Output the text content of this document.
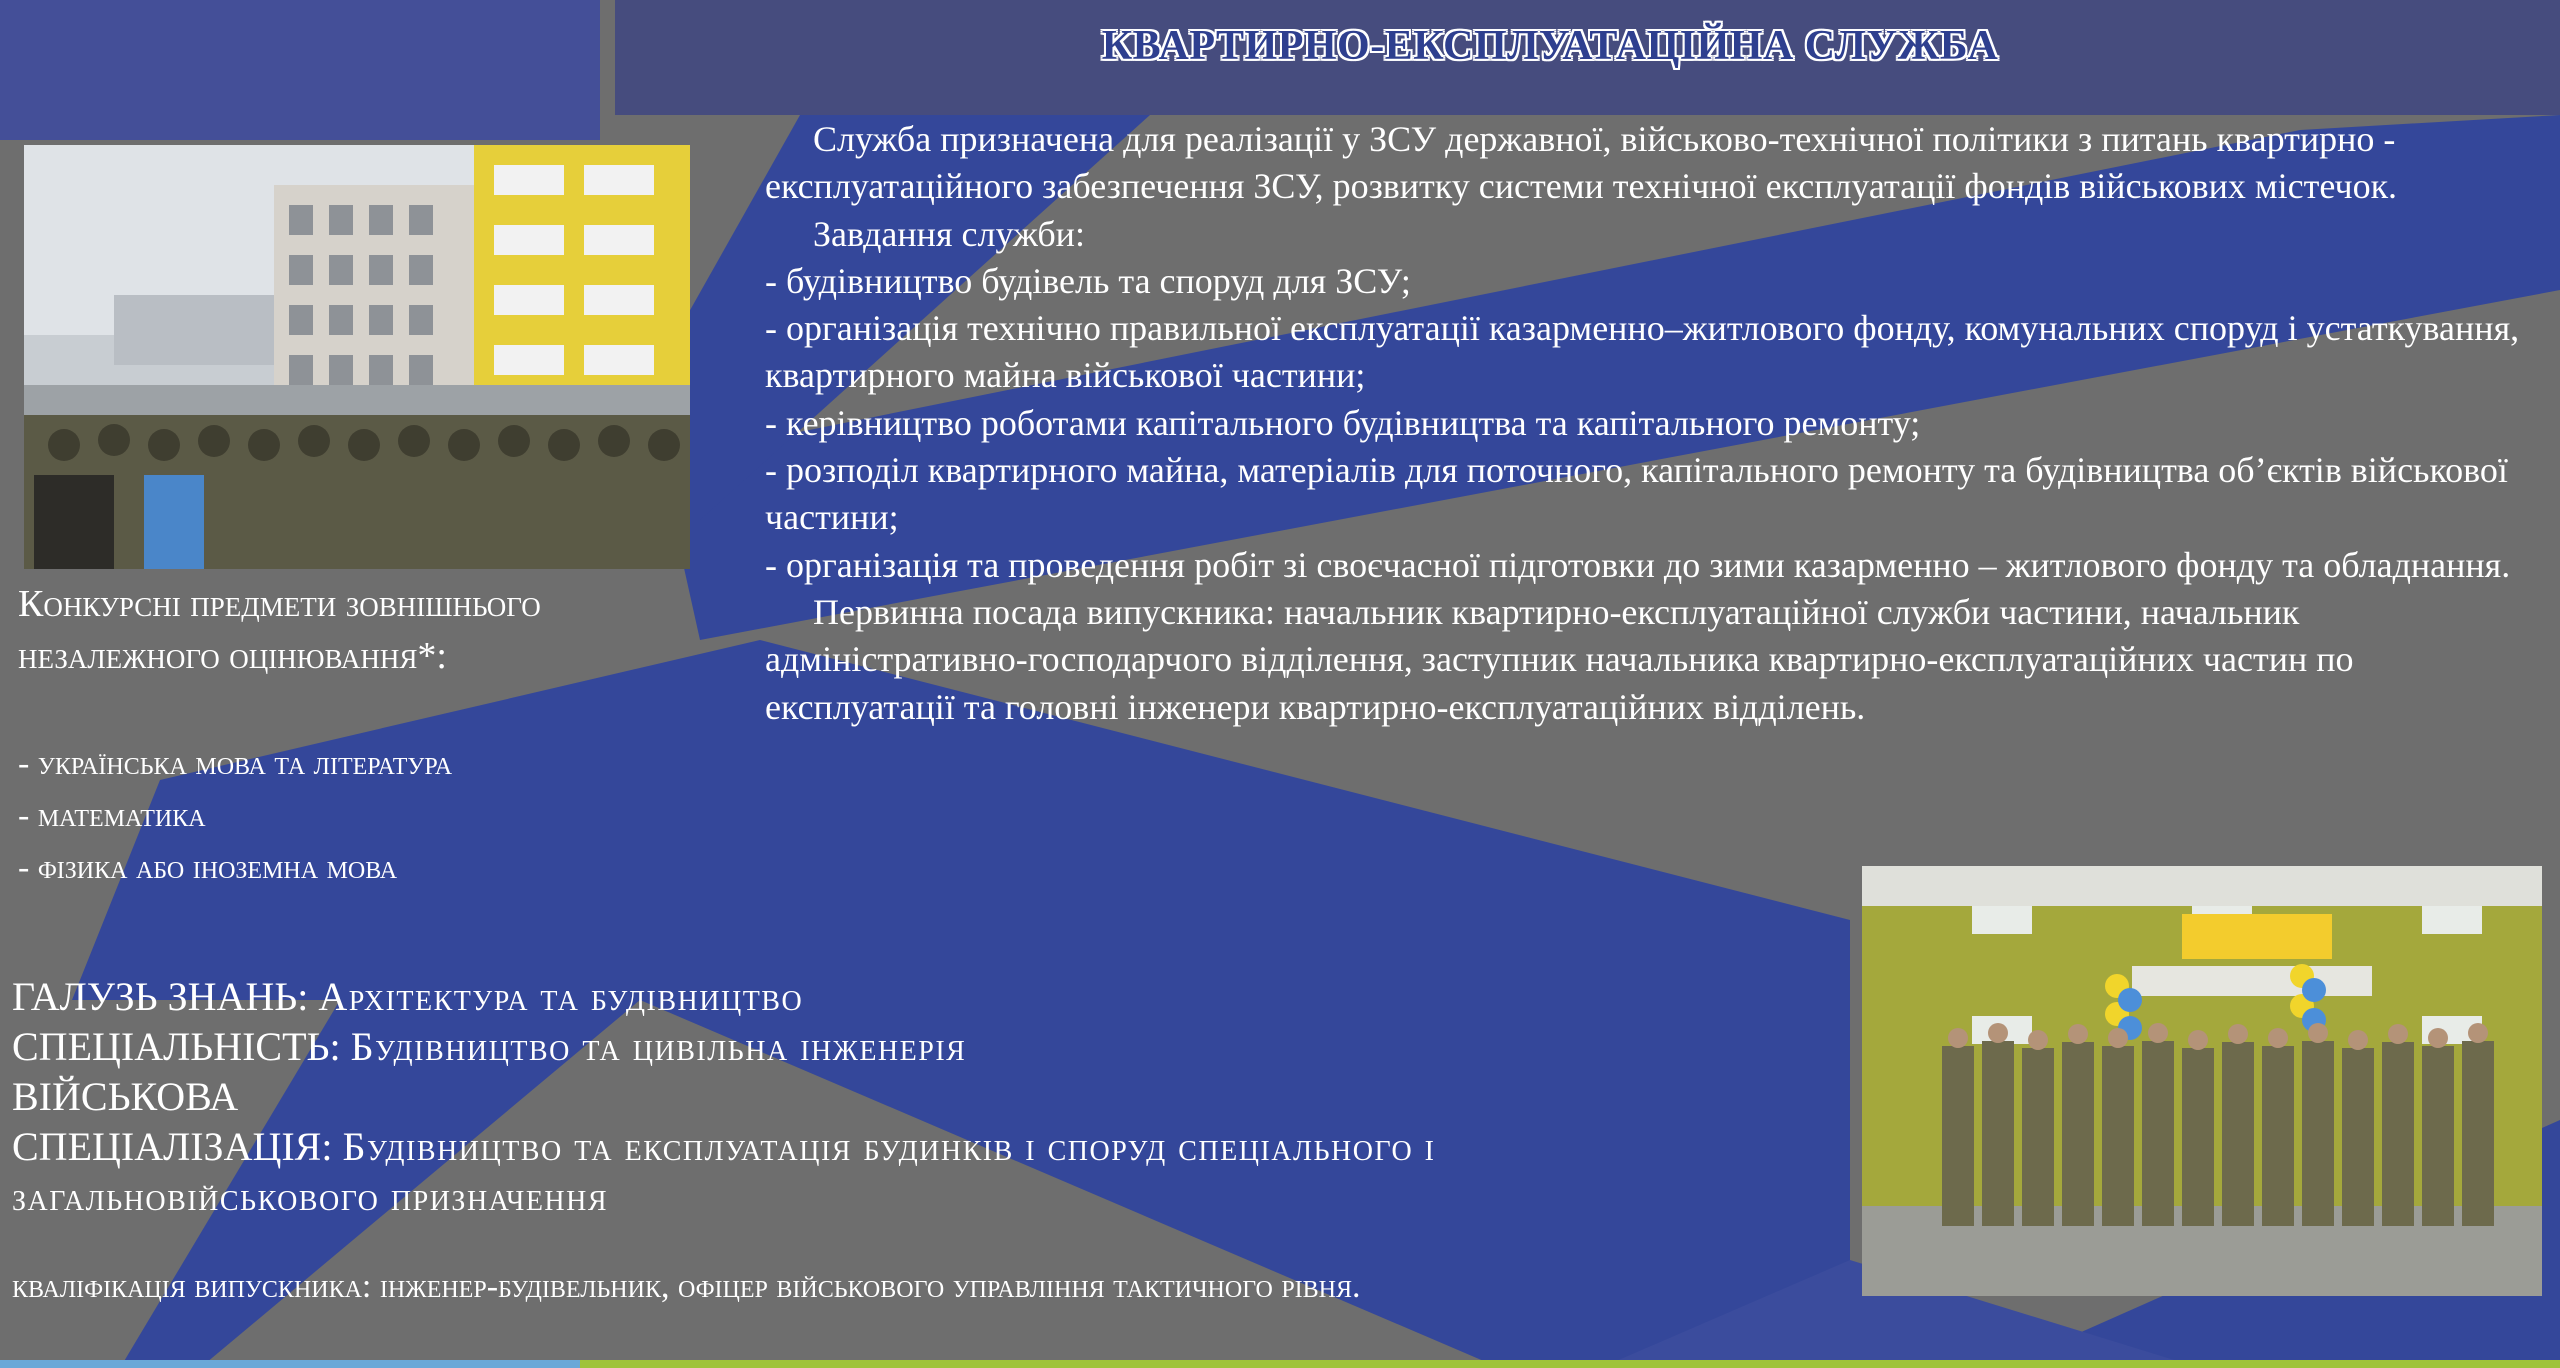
КВАРТИРНО-ЕКСПЛУАТАЦІЙНА СЛУЖБА

Служба призначена для реалізації у ЗСУ державної, військово-технічної політики з питань квартирно - експлуатаційного забезпечення ЗСУ, розвитку системи технічної експлуатації фондів військових містечок.

Завдання служби:

- будівництво будівель та споруд для ЗСУ;

- організація технічно правильної експлуатації казарменно–житлового фонду, комунальних споруд і устаткування, квартирного майна військової частини;

- керівництво роботами капітального будівництва та капітального ремонту;

- розподіл квартирного майна, матеріалів для поточного, капітального ремонту та будівництва об’єктів військової частини;

- організація та проведення робіт зі своєчасної підготовки до зими казарменно – житлового фонду та обладнання.

Первинна посада випускника: начальник квартирно-експлуатаційної служби частини, начальник адміністративно-господарчого відділення, заступник начальника квартирно-експлуатаційних частин по експлуатації та головні інженери квартирно-експлуатаційних відділень.

Конкурсні предмети зовнішнього незалежного оцінювання*:
- українська мова та література
- математика
- фізика або іноземна мова
ГАЛУЗЬ ЗНАНЬ: Архітектура та будівництво
СПЕЦІАЛЬНІСТЬ: Будівництво та цивільна інженерія
ВІЙСЬКОВА
СПЕЦІАЛІЗАЦІЯ: Будівництво та експлуатація будинків і споруд спеціального і загальновійськового призначення
кваліфікація випускника: інженер-будівельник, офіцер військового управління тактичного рівня.
